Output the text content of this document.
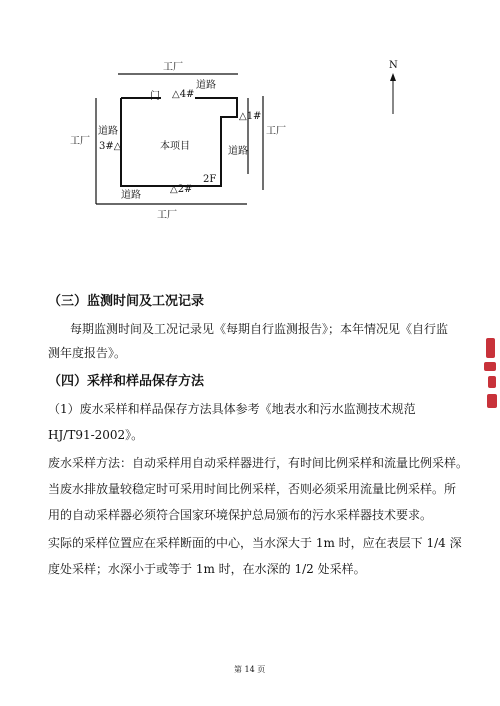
工厂
道路
门 △4#
△1#
道路
工厂 3#△
工厂
道路
本项目
2F
△2#
道路
工厂
N
（三）监测时间及工况记录
每期监测时间及工况记录见《每期自行监测报告》；本年情况见《自行监
测年度报告》。
（四）采样和样品保存方法
（1）废水采样和样品保存方法具体参考《地表水和污水监测技术规范
HJ/T91-2002》。
废水采样方法：自动采样用自动采样器进行，有时间比例采样和流量比例采样。
当废水排放量较稳定时可采用时间比例采样，否则必须采用流量比例采样。所
用的自动采样器必须符合国家环境保护总局颁布的污水采样器技术要求。
实际的采样位置应在采样断面的中心，当水深大于 1m 时，应在表层下 1/4 深
度处采样；水深小于或等于 1m 时，在水深的 1/2 处采样。
第 14 页
